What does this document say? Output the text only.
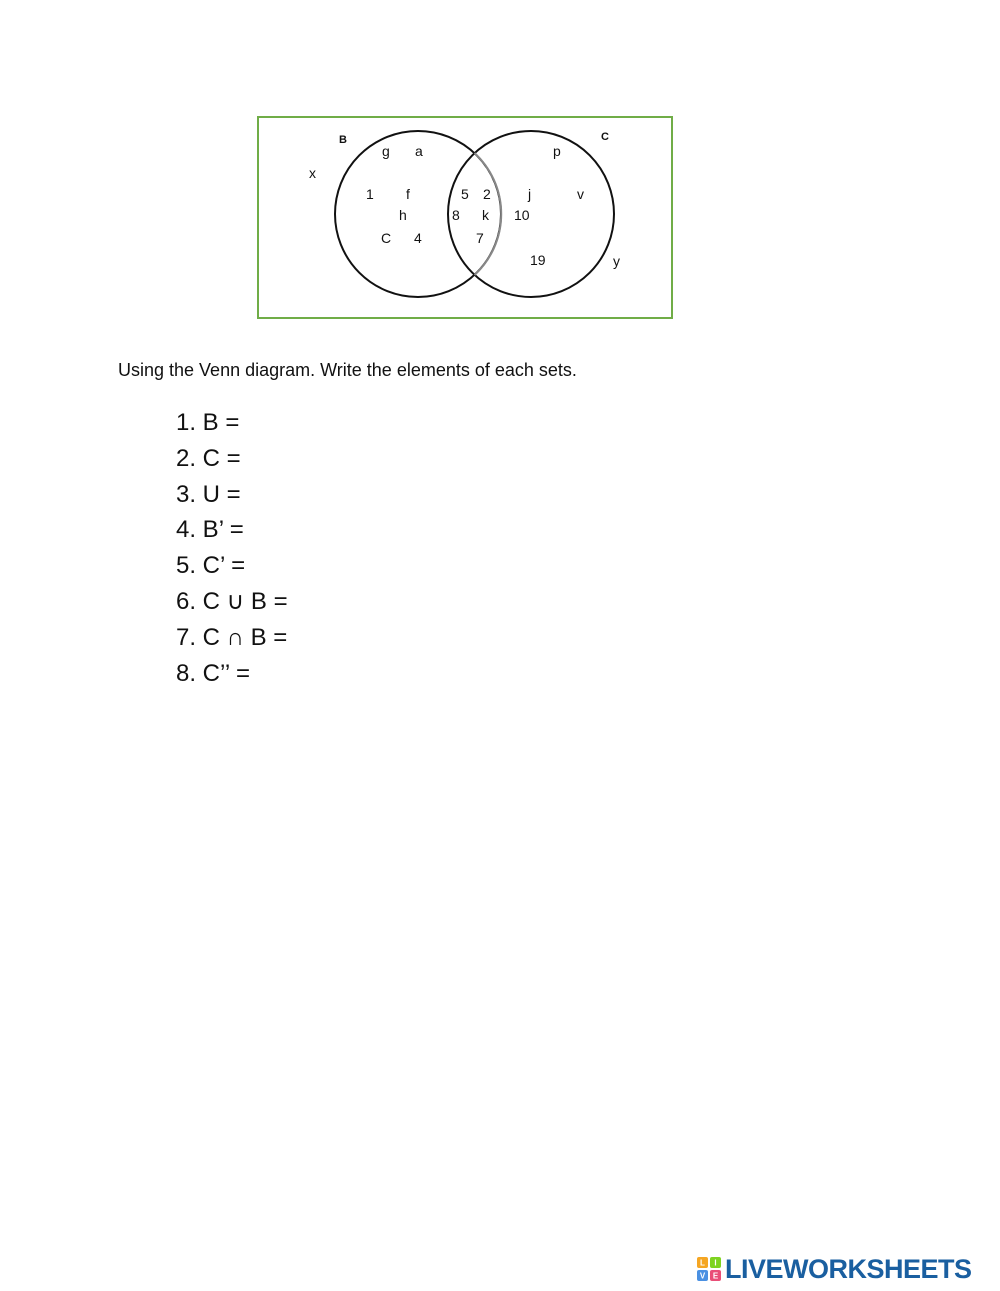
B	C
x
y
g a
1 f
h
C 4
5 2
8 k
7
p
j	v
10
19
Using the Venn diagram. Write the elements of each sets.
1. B =
2. C =
3. U =
4. B’ =
5. C’ =
6. C ∪ B =
7. C ∩ B =
8. C’’ =
L I
V E LIVEWORKSHEETS
